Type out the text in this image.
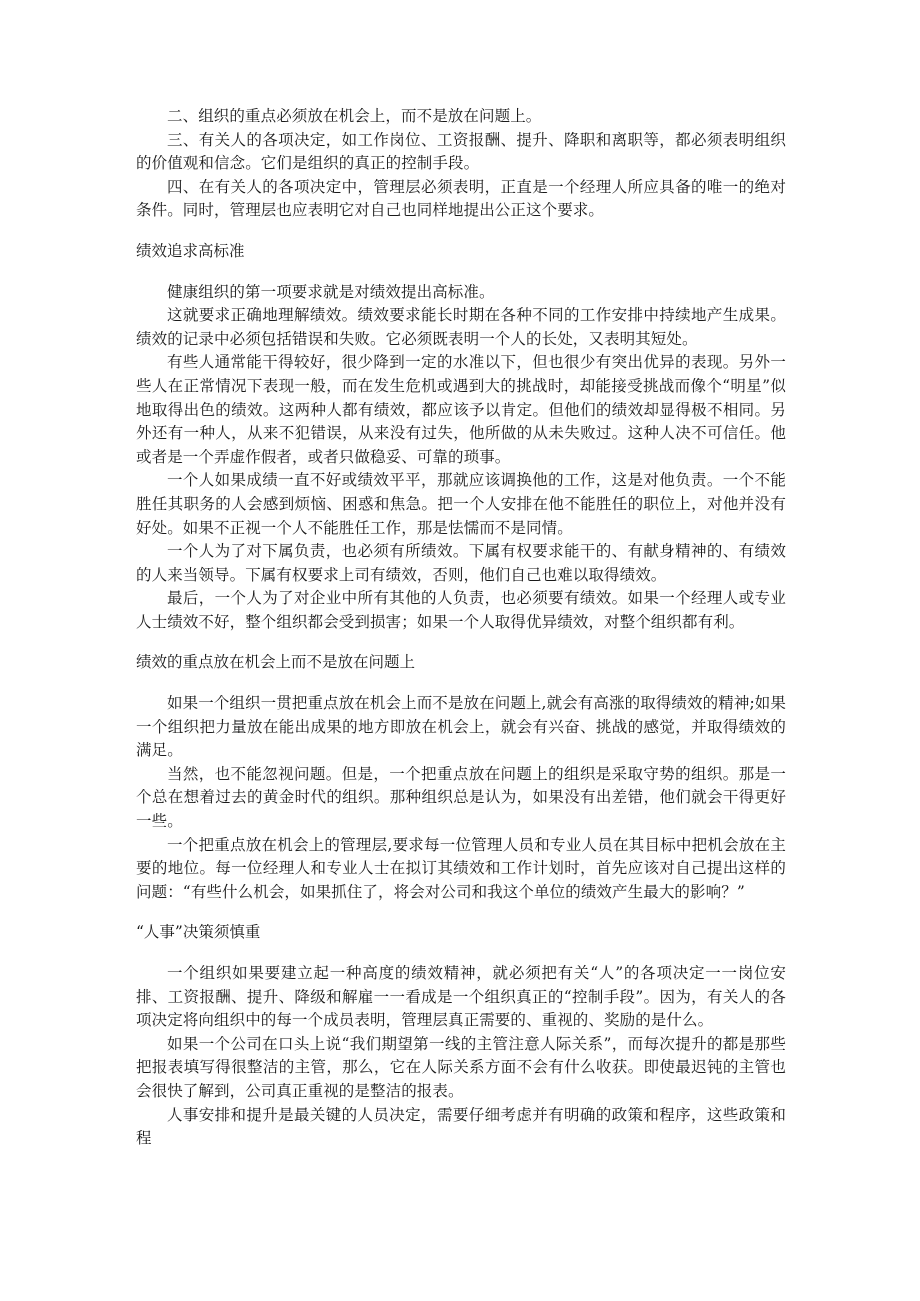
二、组织的重点必须放在机会上，而不是放在问题上。

三、有关人的各项决定，如工作岗位、工资报酬、提升、降职和离职等，都必须表明组织的价值观和信念。它们是组织的真正的控制手段。

四、在有关人的各项决定中，管理层必须表明，正直是一个经理人所应具备的唯一的绝对条件。同时，管理层也应表明它对自己也同样地提出公正这个要求。

绩效追求高标准

健康组织的第一项要求就是对绩效提出高标准。

这就要求正确地理解绩效。绩效要求能长时期在各种不同的工作安排中持续地产生成果。绩效的记录中必须包括错误和失败。它必须既表明一个人的长处，又表明其短处。

有些人通常能干得较好，很少降到一定的水准以下，但也很少有突出优异的表现。另外一些人在正常情况下表现一般，而在发生危机或遇到大的挑战时，却能接受挑战而像个“明星”似地取得出色的绩效。这两种人都有绩效，都应该予以肯定。但他们的绩效却显得极不相同。另外还有一种人，从来不犯错误，从来没有过失，他所做的从未失败过。这种人决不可信任。他或者是一个弄虚作假者，或者只做稳妥、可靠的琐事。

一个人如果成绩一直不好或绩效平平，那就应该调换他的工作，这是对他负责。一个不能胜任其职务的人会感到烦恼、困惑和焦急。把一个人安排在他不能胜任的职位上，对他并没有好处。如果不正视一个人不能胜任工作，那是怯懦而不是同情。

一个人为了对下属负责，也必须有所绩效。下属有权要求能干的、有献身精神的、有绩效的人来当领导。下属有权要求上司有绩效，否则，他们自己也难以取得绩效。

最后，一个人为了对企业中所有其他的人负责，也必须要有绩效。如果一个经理人或专业人士绩效不好，整个组织都会受到损害；如果一个人取得优异绩效，对整个组织都有利。

绩效的重点放在机会上而不是放在问题上

如果一个组织一贯把重点放在机会上而不是放在问题上,就会有高涨的取得绩效的精神;如果一个组织把力量放在能出成果的地方即放在机会上，就会有兴奋、挑战的感觉，并取得绩效的满足。

当然，也不能忽视问题。但是，一个把重点放在问题上的组织是采取守势的组织。那是一个总在想着过去的黄金时代的组织。那种组织总是认为，如果没有出差错，他们就会干得更好一些。

一个把重点放在机会上的管理层,要求每一位管理人员和专业人员在其目标中把机会放在主要的地位。每一位经理人和专业人士在拟订其绩效和工作计划时，首先应该对自己提出这样的问题：“有些什么机会，如果抓住了，将会对公司和我这个单位的绩效产生最大的影响？”

“人事”决策须慎重

一个组织如果要建立起一种高度的绩效精神，就必须把有关“人”的各项决定一一岗位安排、工资报酬、提升、降级和解雇一一看成是一个组织真正的“控制手段”。因为，有关人的各项决定将向组织中的每一个成员表明，管理层真正需要的、重视的、奖励的是什么。

如果一个公司在口头上说“我们期望第一线的主管注意人际关系”，而每次提升的都是那些把报表填写得很整洁的主管，那么，它在人际关系方面不会有什么收获。即使最迟钝的主管也会很快了解到，公司真正重视的是整洁的报表。

人事安排和提升是最关键的人员决定，需要仔细考虑并有明确的政策和程序，这些政策和程
